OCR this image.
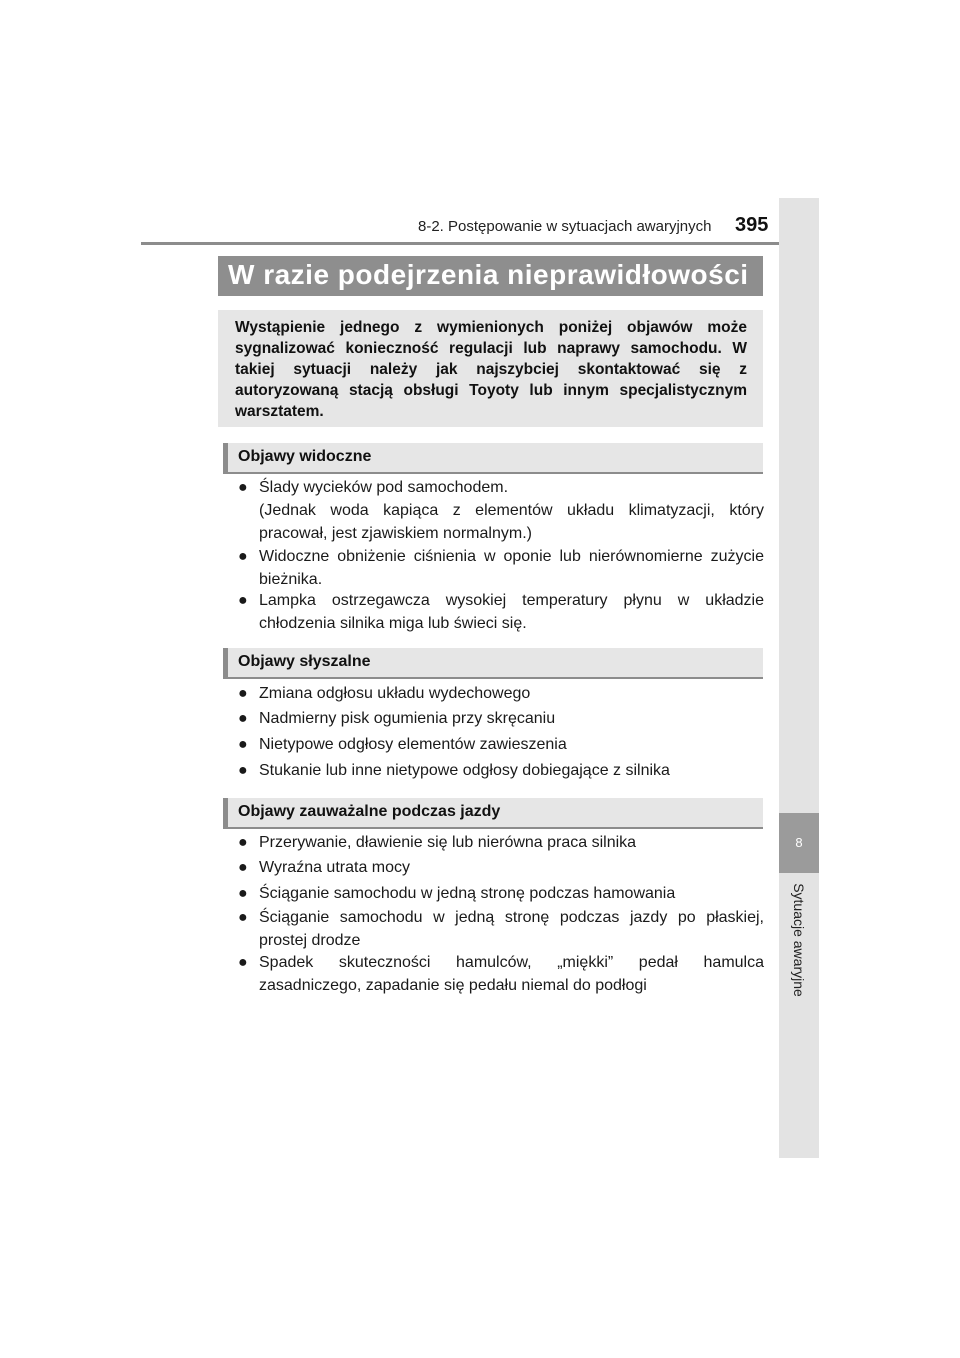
8-2. Postępowanie w sytuacjach awaryjnych 395
8
Sytuacje awaryjne
W razie podejrzenia nieprawidłowości
Wystąpienie jednego z wymienionych poniżej objawów może sygnalizować konieczność regulacji lub naprawy samochodu. W takiej sytuacji należy jak najszybciej skontaktować się z autoryzowaną stacją obsługi Toyoty lub innym specjalistycznym warsztatem.
Objawy widoczne
● Ślady wycieków pod samochodem.
(Jednak woda kapiąca z elementów układu klimatyzacji, który pracował, jest zjawiskiem normalnym.)
● Widoczne obniżenie ciśnienia w oponie lub nierównomierne zużycie bieżnika.
● Lampka ostrzegawcza wysokiej temperatury płynu w układzie chłodzenia silnika miga lub świeci się.
Objawy słyszalne
● Zmiana odgłosu układu wydechowego
● Nadmierny pisk ogumienia przy skręcaniu
● Nietypowe odgłosy elementów zawieszenia
● Stukanie lub inne nietypowe odgłosy dobiegające z silnika
Objawy zauważalne podczas jazdy
● Przerywanie, dławienie się lub nierówna praca silnika
● Wyraźna utrata mocy
● Ściąganie samochodu w jedną stronę podczas hamowania
● Ściąganie samochodu w jedną stronę podczas jazdy po płaskiej, prostej drodze
● Spadek skuteczności hamulców, „miękki” pedał hamulca zasadniczego, zapadanie się pedału niemal do podłogi
